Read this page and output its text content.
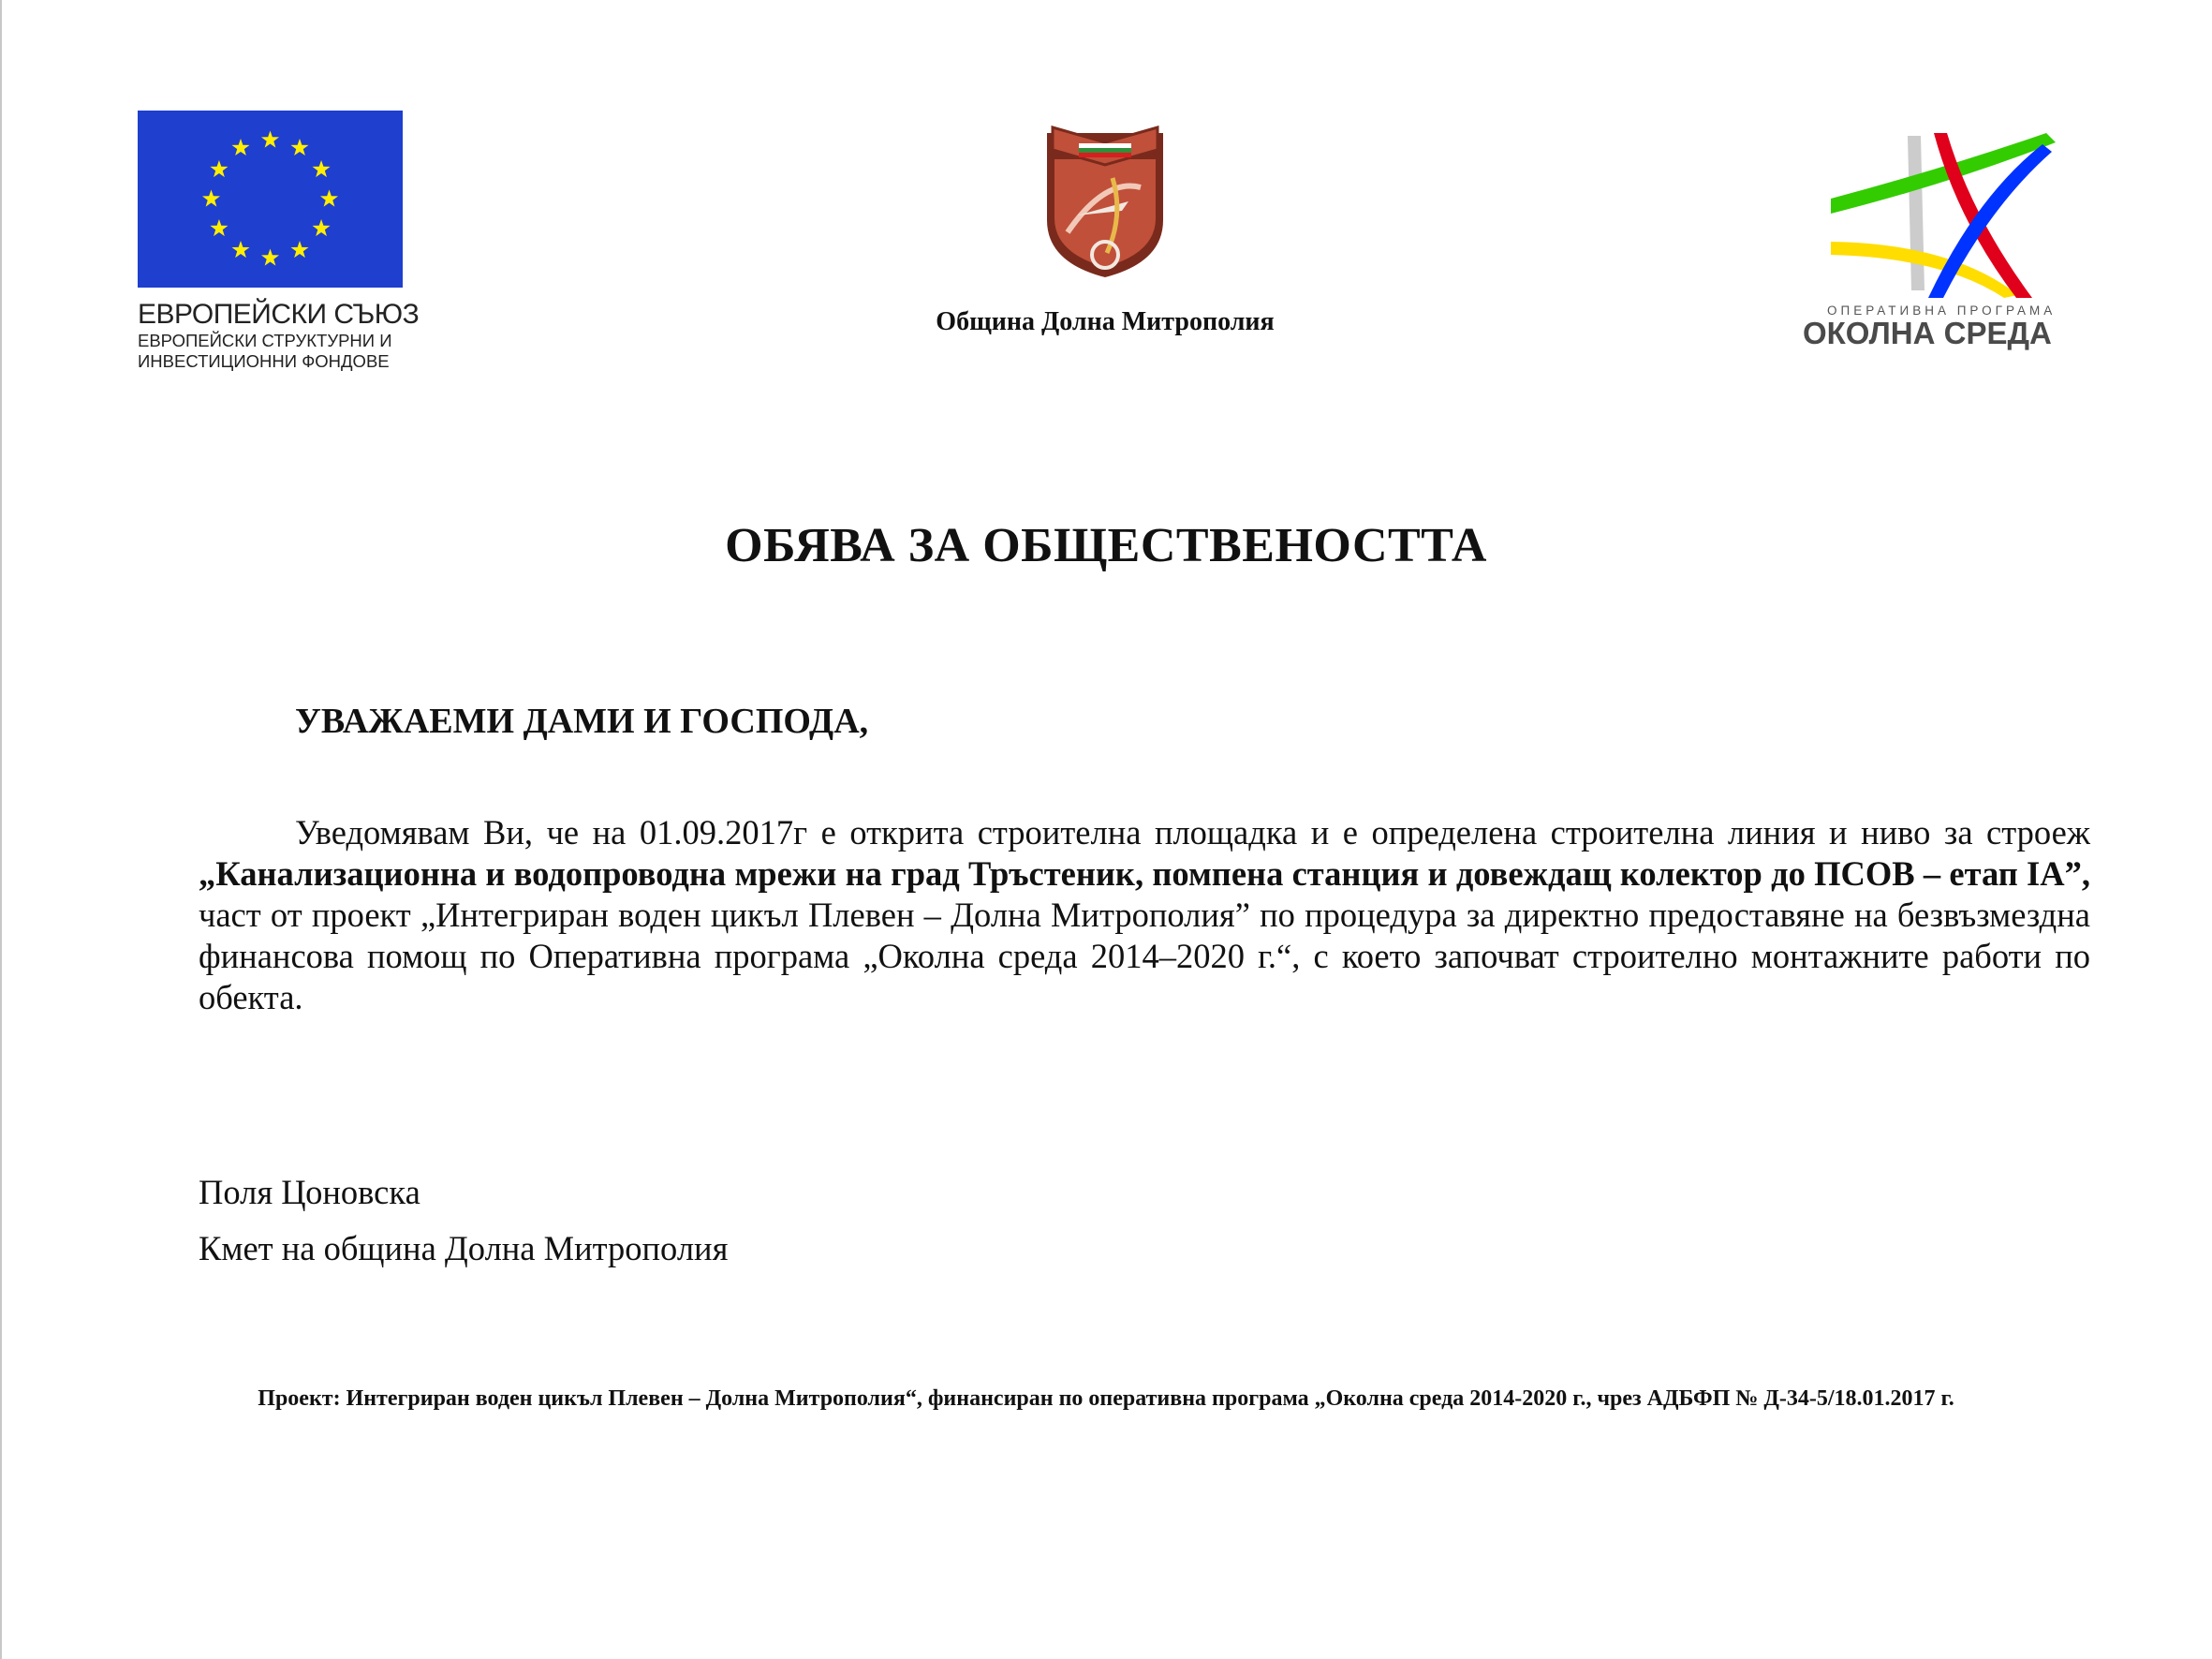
ЕВРОПЕЙСКИ СЪЮЗ
ЕВРОПЕЙСКИ СТРУКТУРНИ И
ИНВЕСТИЦИОННИ ФОНДОВЕ
Община Долна Митрополия	ОПЕРАТИВНА ПРОГРАМА
ОКОЛНА СРЕДА
ОБЯВА ЗА ОБЩЕСТВЕНОСТТА
УВАЖАЕМИ ДАМИ И ГОСПОДА,
Уведомявам Ви, че на 01.09.2017г е открита строителна площадка и е определена строителна линия и ниво за строеж „Канализационна и водопроводна мрежи на град Тръстеник, помпена станция и довеждащ колектор до ПСОВ – етап IА”, част от проект „Интегриран воден цикъл Плевен – Долна Митрополия” по процедура за директно предоставяне на безвъзмездна финансова помощ по Оперативна програма „Околна среда 2014–2020 г.“, с което започват строително монтажните работи по обекта.
Поля Цоновска
Кмет на община Долна Митрополия
Проект: Интегриран воден цикъл Плевен – Долна Митрополия“, финансиран по оперативна програма „Околна среда 2014-2020 г., чрез АДБФП № Д-34-5/18.01.2017 г.
